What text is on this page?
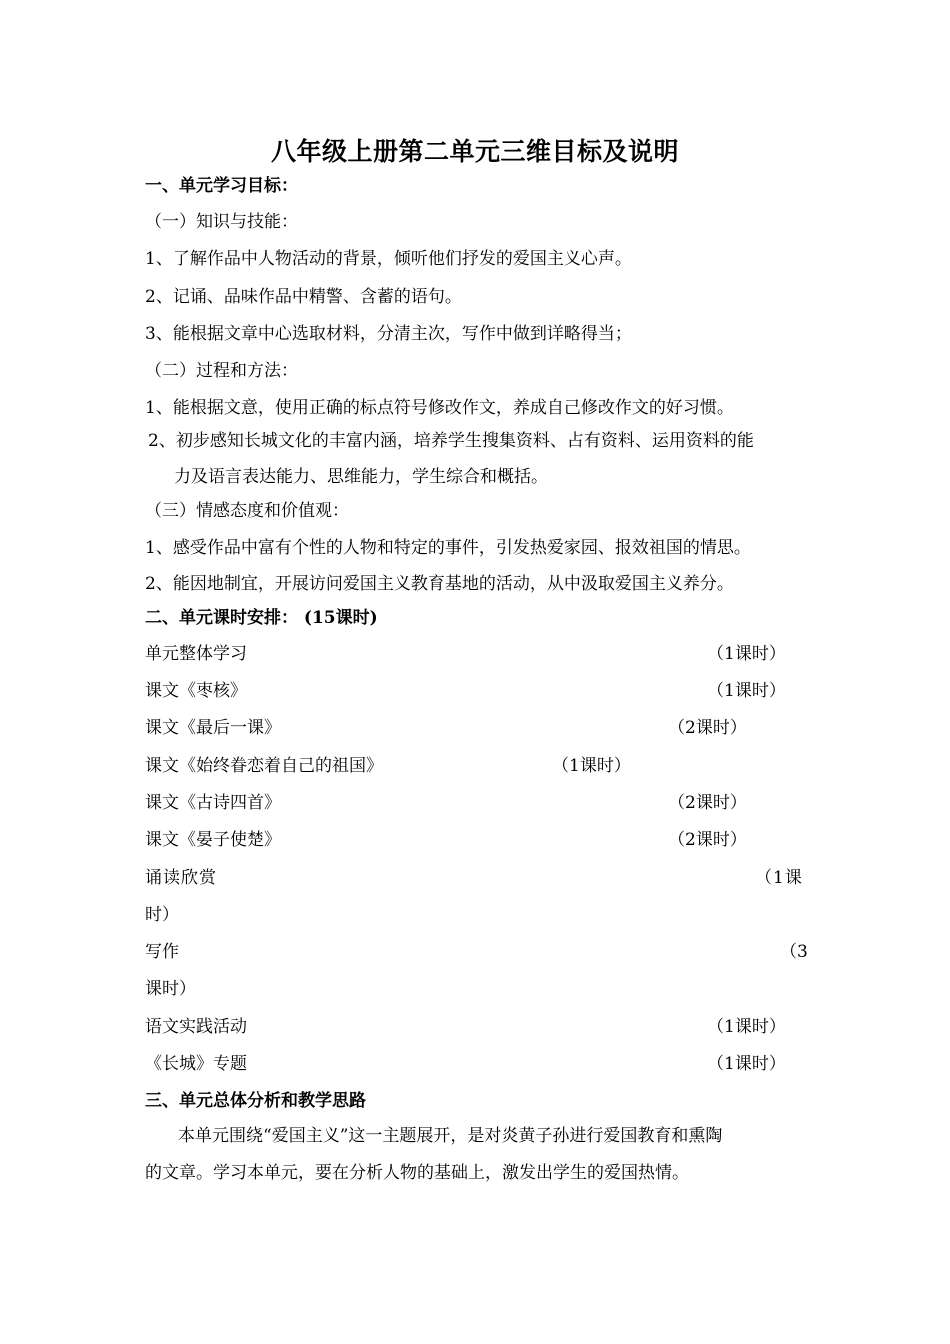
八年级上册第二单元三维目标及说明
一、单元学习目标：
（一）知识与技能：
1、了解作品中人物活动的背景，倾听他们抒发的爱国主义心声。
2、记诵、品味作品中精警、含蓄的语句。
3、能根据文章中心选取材料，分清主次，写作中做到详略得当；
（二）过程和方法：
1、能根据文意，使用正确的标点符号修改作文，养成自己修改作文的好习惯。
2、初步感知长城文化的丰富内涵，培养学生搜集资料、占有资料、运用资料的能
力及语言表达能力、思维能力，学生综合和概括。
（三）情感态度和价值观：
1、感受作品中富有个性的人物和特定的事件，引发热爱家园、报效祖国的情思。
2、能因地制宜，开展访问爱国主义教育基地的活动，从中汲取爱国主义养分。
二、单元课时安排： (15课时)
单元整体学习	（1课时）
课文《枣核》	（1课时）
课文《最后一课》	（2课时）
课文《始终眷恋着自己的祖国》	（1课时）
课文《古诗四首》	（2课时）
课文《晏子使楚》	（2课时）
诵读欣赏	（1课
时）
写作	（3
课时）
语文实践活动	（1课时）
《长城》专题	（1课时）
三、单元总体分析和教学思路
本单元围绕“爱国主义”这一主题展开，是对炎黄子孙进行爱国教育和熏陶
的文章。学习本单元，要在分析人物的基础上，激发出学生的爱国热情。
